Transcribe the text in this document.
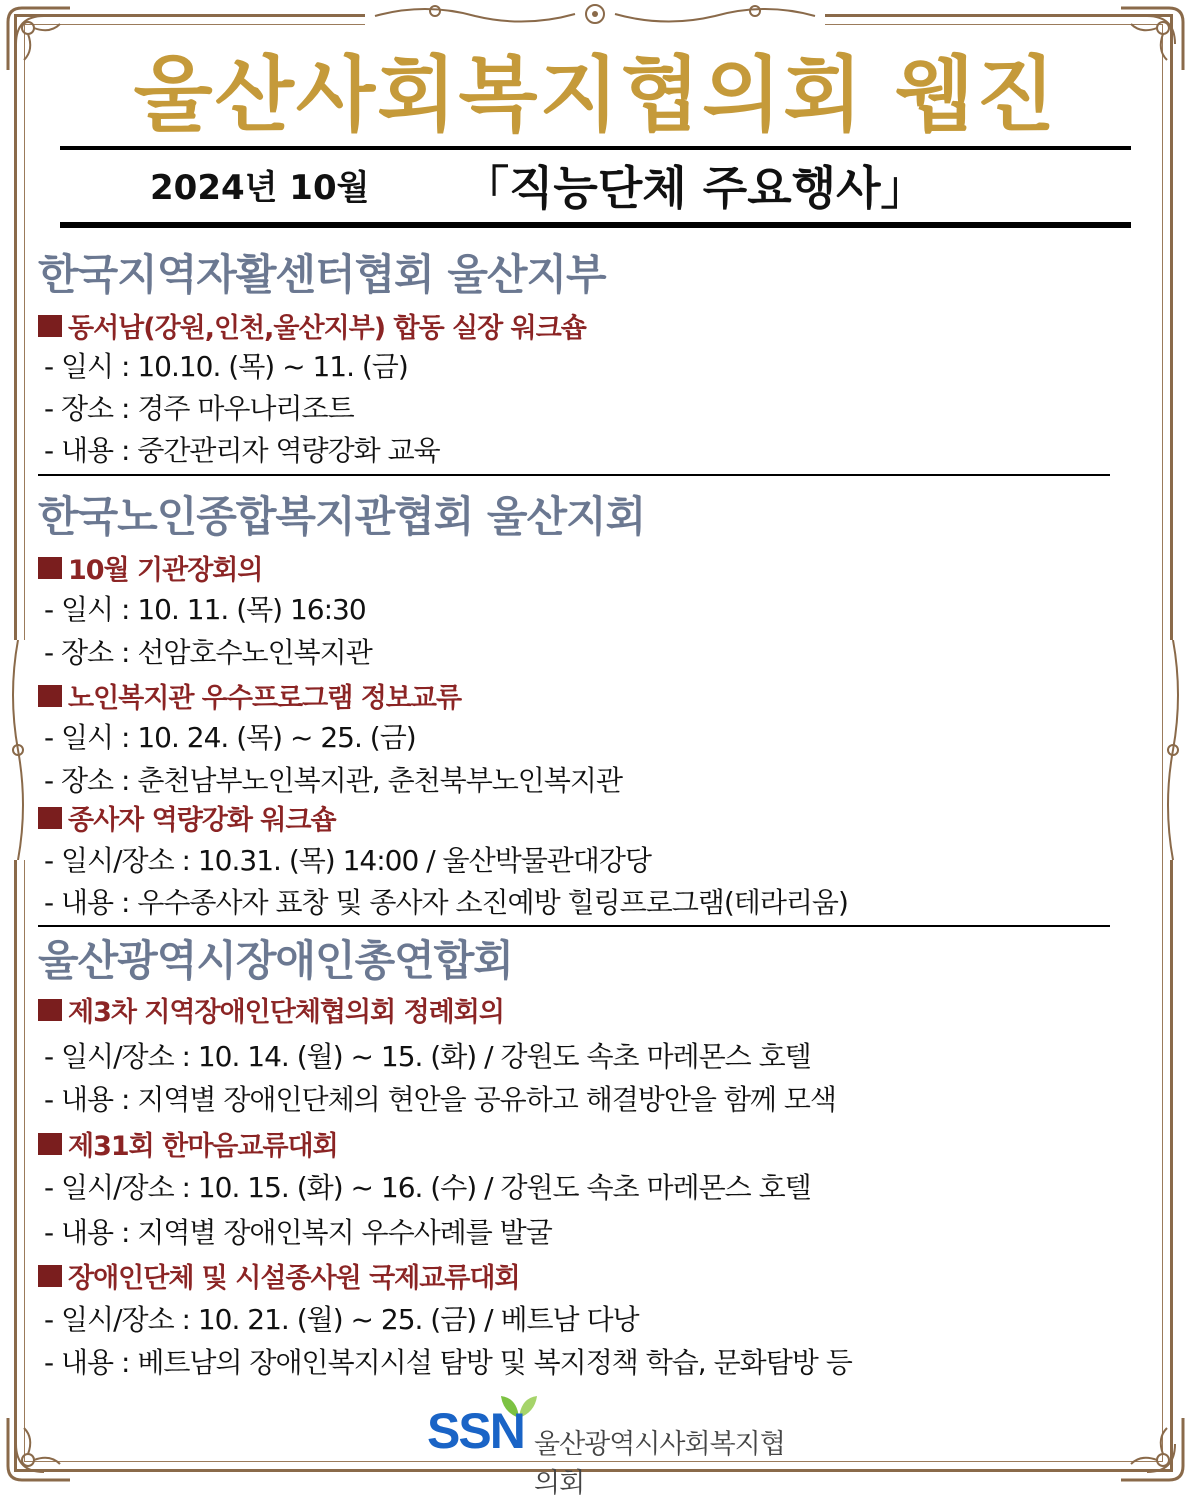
울산사회복지협의회 웹진
2024년 10월 「직능단체 주요행사」
한국지역자활센터협회 울산지부
동서남(강원,인천,울산지부) 합동 실장 워크숍
- 일시 : 10.10. (목) ~ 11. (금)
- 장소 : 경주 마우나리조트
- 내용 : 중간관리자 역량강화 교육
한국노인종합복지관협회 울산지회
10월 기관장회의
- 일시 : 10. 11. (목) 16:30
- 장소 : 선암호수노인복지관
노인복지관 우수프로그램 정보교류
- 일시 : 10. 24. (목) ~ 25. (금)
- 장소 : 춘천남부노인복지관, 춘천북부노인복지관
종사자 역량강화 워크숍
- 일시/장소 : 10.31. (목) 14:00 / 울산박물관대강당
- 내용 : 우수종사자 표창 및 종사자 소진예방 힐링프로그램(테라리움)
울산광역시장애인총연합회
제3차 지역장애인단체협의회 정례회의
- 일시/장소 : 10. 14. (월) ~ 15. (화) / 강원도 속초 마레몬스 호텔
- 내용 : 지역별 장애인단체의 현안을 공유하고 해결방안을 함께 모색
제31회 한마음교류대회
- 일시/장소 : 10. 15. (화) ~ 16. (수) / 강원도 속초 마레몬스 호텔
- 내용 : 지역별 장애인복지 우수사례를 발굴
장애인단체 및 시설종사원 국제교류대회
- 일시/장소 : 10. 21. (월) ~ 25. (금) / 베트남 다낭
- 내용 : 베트남의 장애인복지시설 탐방 및 복지정책 학습, 문화탐방 등
SSN 울산광역시사회복지협의회
